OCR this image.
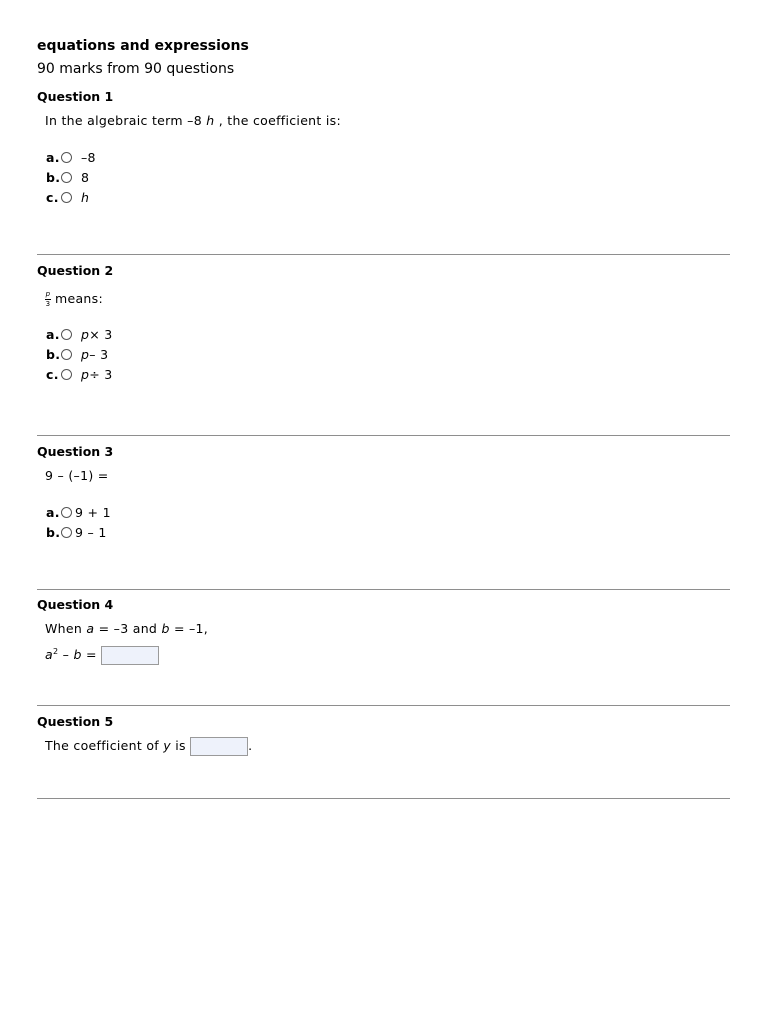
equations and expressions
90 marks from 90 questions
Question 1
In the algebraic term –8 h , the coefficient is:
a. –8
b. 8
c. h
Question 2
$\frac{p}{3}$ means:
a. p × 3
b. p – 3
c. p ÷ 3
Question 3
9 – (–1) =
a. 9 + 1
b. 9 – 1
Question 4
When a = –3 and b = –1,
$a^2$ – b =
Question 5
The coefficient of y is	.
